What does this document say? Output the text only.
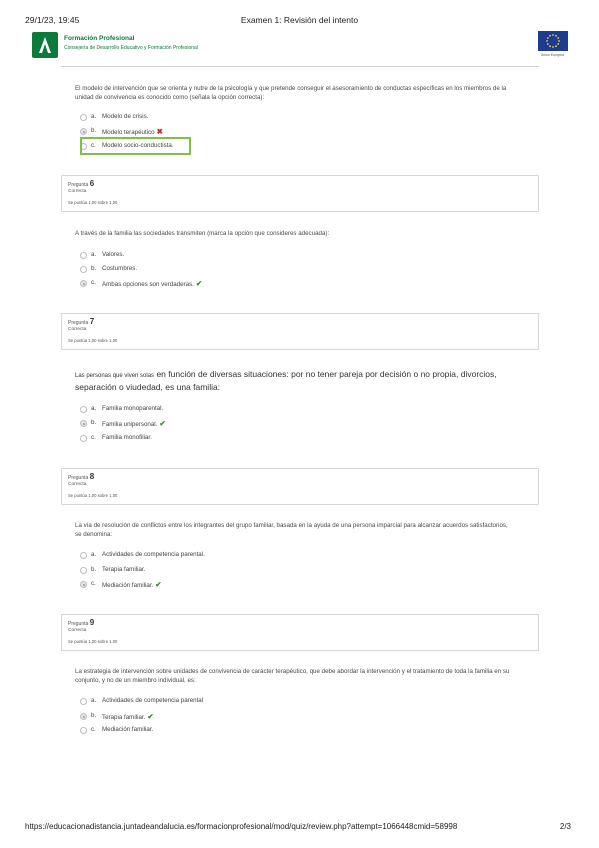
29/1/23, 19:45	Examen 1: Revisión del intento
Formación Profesional
Consejería de Desarrollo Educativo y Formación Profesional
Unión Europea
El modelo de intervención que se orienta y nutre de la psicología y que pretende conseguir el asesoramiento de conductas específicas en los miembros de la unidad de convivencia es conocido como (señala la opción correcta):
a. Modelo de crisis.
b. Modelo terapéutico ✖
c. Modelo socio-conductista.
Pregunta 6
Correcta
Se puntúa 1,00 sobre 1,00
A través de la familia las sociedades transmiten (marca la opción que consideres adecuada):
a. Valores.
b. Costumbres.
c. Ambas opciones son verdaderas. ✔
Pregunta 7
Correcta
Se puntúa 1,00 sobre 1,00
Las personas que viven solas en función de diversas situaciones: por no tener pareja por decisión o no propia, divorcios, separación o viudedad, es una familia:
a. Familia monoparental.
b. Familia unipersonal. ✔
c. Familia monofiliar.
Pregunta 8
Correcta
Se puntúa 1,00 sobre 1,00
La vía de resolución de conflictos entre los integrantes del grupo familiar, basada en la ayuda de una persona imparcial para alcanzar acuerdos satisfactorios, se denomina:
a. Actividades de competencia parental.
b. Terapia familiar.
c. Mediación familiar. ✔
Pregunta 9
Correcta
Se puntúa 1,00 sobre 1,00
La estrategia de intervención sobre unidades de convivencia de carácter terapéutico, que debe abordar la intervención y el tratamiento de toda la familia en su conjunto, y no de un miembro individual, es:
a. Actividades de competencia parental
b. Terapia familiar. ✔
c. Mediación familiar.
https://educacionadistancia.juntadeandalucia.es/formacionprofesional/mod/quiz/review.php?attempt=1066448cmid=58998	2/3
